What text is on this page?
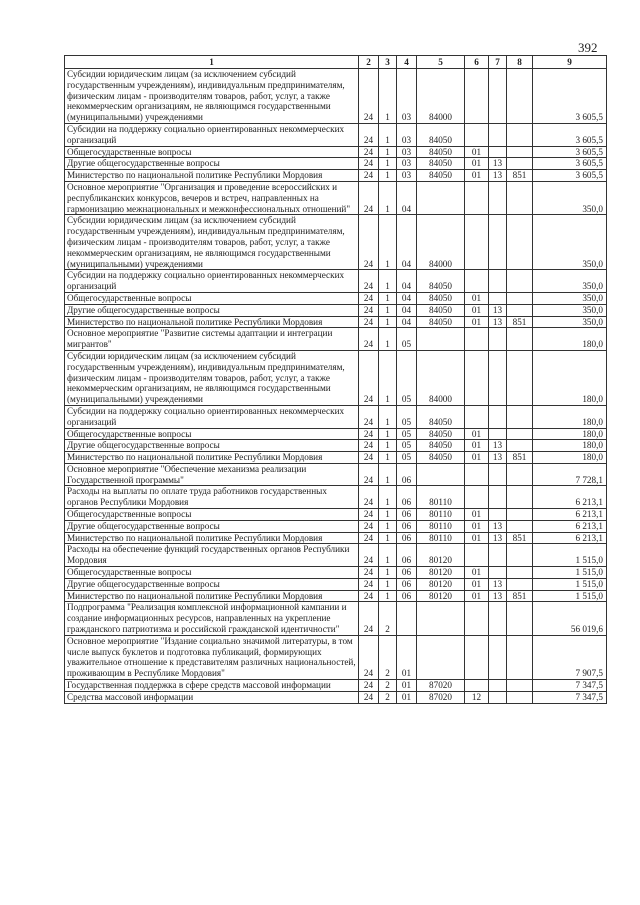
392
1	2	3	4	5	6	7	8	9
Субсидии юридическим лицам (за исключением субсидий государственным учреждениям), индивидуальным предпринимателям, физическим лицам - производителям товаров, работ, услуг, а также некоммерческим организациям, не являющимся государственными (муниципальными) учреждениями	24	1	03	84000				3 605,5
Субсидии на поддержку социально ориентированных некоммерческих организаций	24	1	03	84050				3 605,5
Общегосударственные вопросы	24	1	03	84050	01			3 605,5
Другие общегосударственные вопросы	24	1	03	84050	01	13		3 605,5
Министерство по национальной политике Республики Мордовия	24	1	03	84050	01	13	851	3 605,5
Основное мероприятие "Организация и проведение всероссийских и республиканских конкурсов, вечеров и встреч, направленных на гармонизацию межнациональных и межконфессиональных отношений"	24	1	04					350,0
Субсидии юридическим лицам (за исключением субсидий государственным учреждениям), индивидуальным предпринимателям, физическим лицам - производителям товаров, работ, услуг, а также некоммерческим организациям, не являющимся государственными (муниципальными) учреждениями	24	1	04	84000				350,0
Субсидии на поддержку социально ориентированных некоммерческих организаций	24	1	04	84050				350,0
Общегосударственные вопросы	24	1	04	84050	01			350,0
Другие общегосударственные вопросы	24	1	04	84050	01	13		350,0
Министерство по национальной политике Республики Мордовия	24	1	04	84050	01	13	851	350,0
Основное мероприятие "Развитие системы адаптации и интеграции мигрантов"	24	1	05					180,0
Субсидии юридическим лицам (за исключением субсидий государственным учреждениям), индивидуальным предпринимателям, физическим лицам - производителям товаров, работ, услуг, а также некоммерческим организациям, не являющимся государственными (муниципальными) учреждениями	24	1	05	84000				180,0
Субсидии на поддержку социально ориентированных некоммерческих организаций	24	1	05	84050				180,0
Общегосударственные вопросы	24	1	05	84050	01			180,0
Другие общегосударственные вопросы	24	1	05	84050	01	13		180,0
Министерство по национальной политике Республики Мордовия	24	1	05	84050	01	13	851	180,0
Основное мероприятие "Обеспечение механизма реализации Государственной программы"	24	1	06					7 728,1
Расходы на выплаты по оплате труда работников государственных органов Республики Мордовия	24	1	06	80110				6 213,1
Общегосударственные вопросы	24	1	06	80110	01			6 213,1
Другие общегосударственные вопросы	24	1	06	80110	01	13		6 213,1
Министерство по национальной политике Республики Мордовия	24	1	06	80110	01	13	851	6 213,1
Расходы на обеспечение функций государственных органов Республики Мордовия	24	1	06	80120				1 515,0
Общегосударственные вопросы	24	1	06	80120	01			1 515,0
Другие общегосударственные вопросы	24	1	06	80120	01	13		1 515,0
Министерство по национальной политике Республики Мордовия	24	1	06	80120	01	13	851	1 515,0
Подпрограмма "Реализация комплексной информационной кампании и создание информационных ресурсов, направленных на укрепление гражданского патриотизма и российской гражданской идентичности"	24	2						56 019,6
Основное мероприятие "Издание социально значимой литературы, в том числе выпуск буклетов и подготовка публикаций, формирующих уважительное отношение к представителям различных национальностей, проживающим в Республике Мордовия"	24	2	01					7 907,5
Государственная поддержка в сфере средств массовой информации	24	2	01	87020				7 347,5
Средства массовой информации	24	2	01	87020	12			7 347,5
